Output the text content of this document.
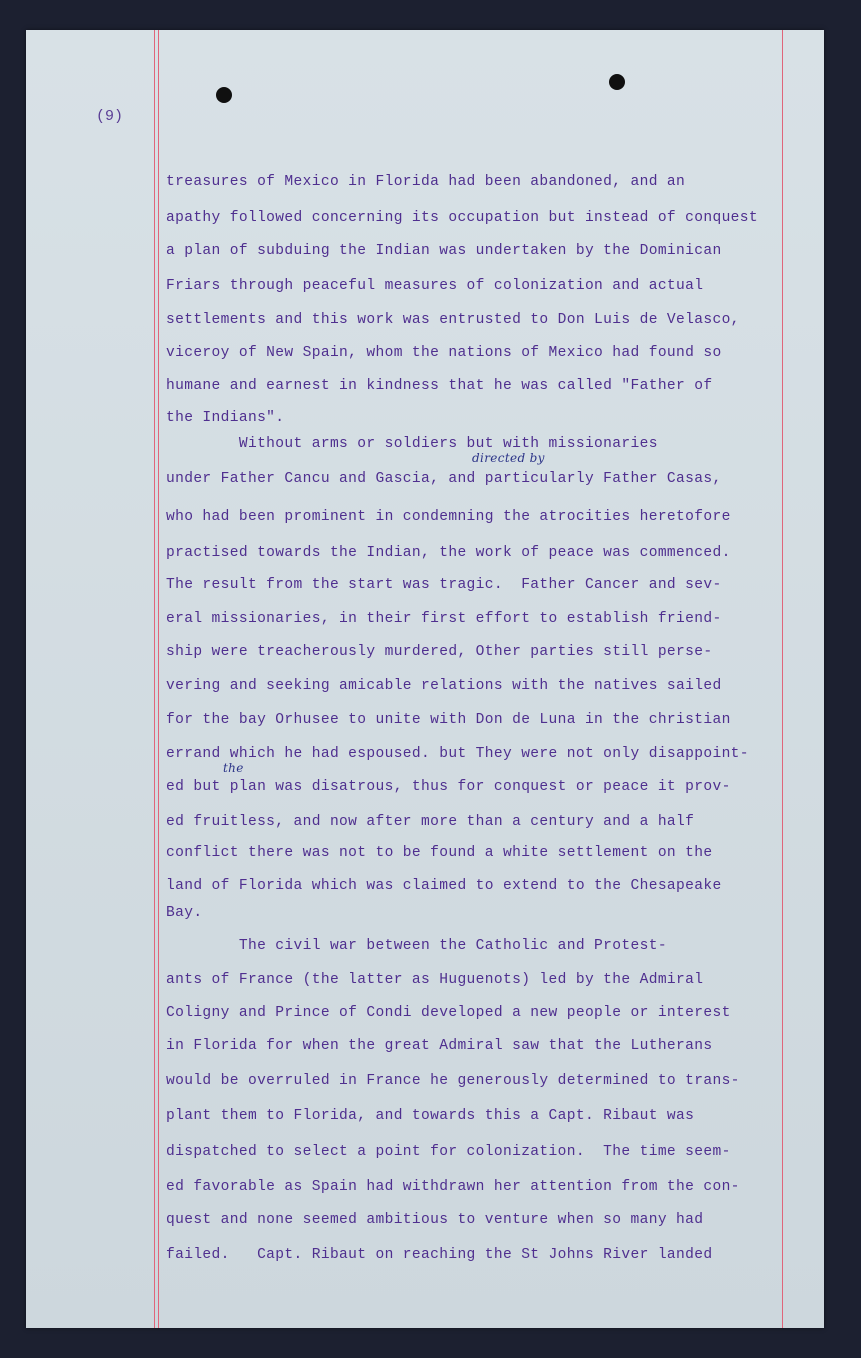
(9)

treasures of Mexico in Florida had been abandoned, and an

apathy followed concerning its occupation but instead of conquest

a plan of subduing the Indian was undertaken by the Dominican

Friars through peaceful measures of colonization and actual

settlements and this work was entrusted to Don Luis de Velasco,

viceroy of New Spain, whom the nations of Mexico had found so

humane and earnest in kindness that he was called "Father of

the Indians".

Without arms or soldiers but with missionaries

under Father Cancu and Gascia, and particularly Father Casas,

who had been prominent in condemning the atrocities heretofore

practised towards the Indian, the work of peace was commenced.

The result from the start was tragic.  Father Cancer and sev-

eral missionaries, in their first effort to establish friend-

ship were treacherously murdered, Other parties still perse-

vering and seeking amicable relations with the natives sailed

for the bay Orhusee to unite with Don de Luna in the christian

errand which he had espoused. but They were not only disappoint-

ed but plan was disatrous, thus for conquest or peace it prov-

ed fruitless, and now after more than a century and a half

conflict there was not to be found a white settlement on the

land of Florida which was claimed to extend to the Chesapeake

Bay.

The civil war between the Catholic and Protest-

ants of France (the latter as Huguenots) led by the Admiral

Coligny and Prince of Condi developed a new people or interest

in Florida for when the great Admiral saw that the Lutherans

would be overruled in France he generously determined to trans-

plant them to Florida, and towards this a Capt. Ribaut was

dispatched to select a point for colonization.  The time seem-

ed favorable as Spain had withdrawn her attention from the con-

quest and none seemed ambitious to venture when so many had

failed.   Capt. Ribaut on reaching the St Johns River landed

directed by

the
